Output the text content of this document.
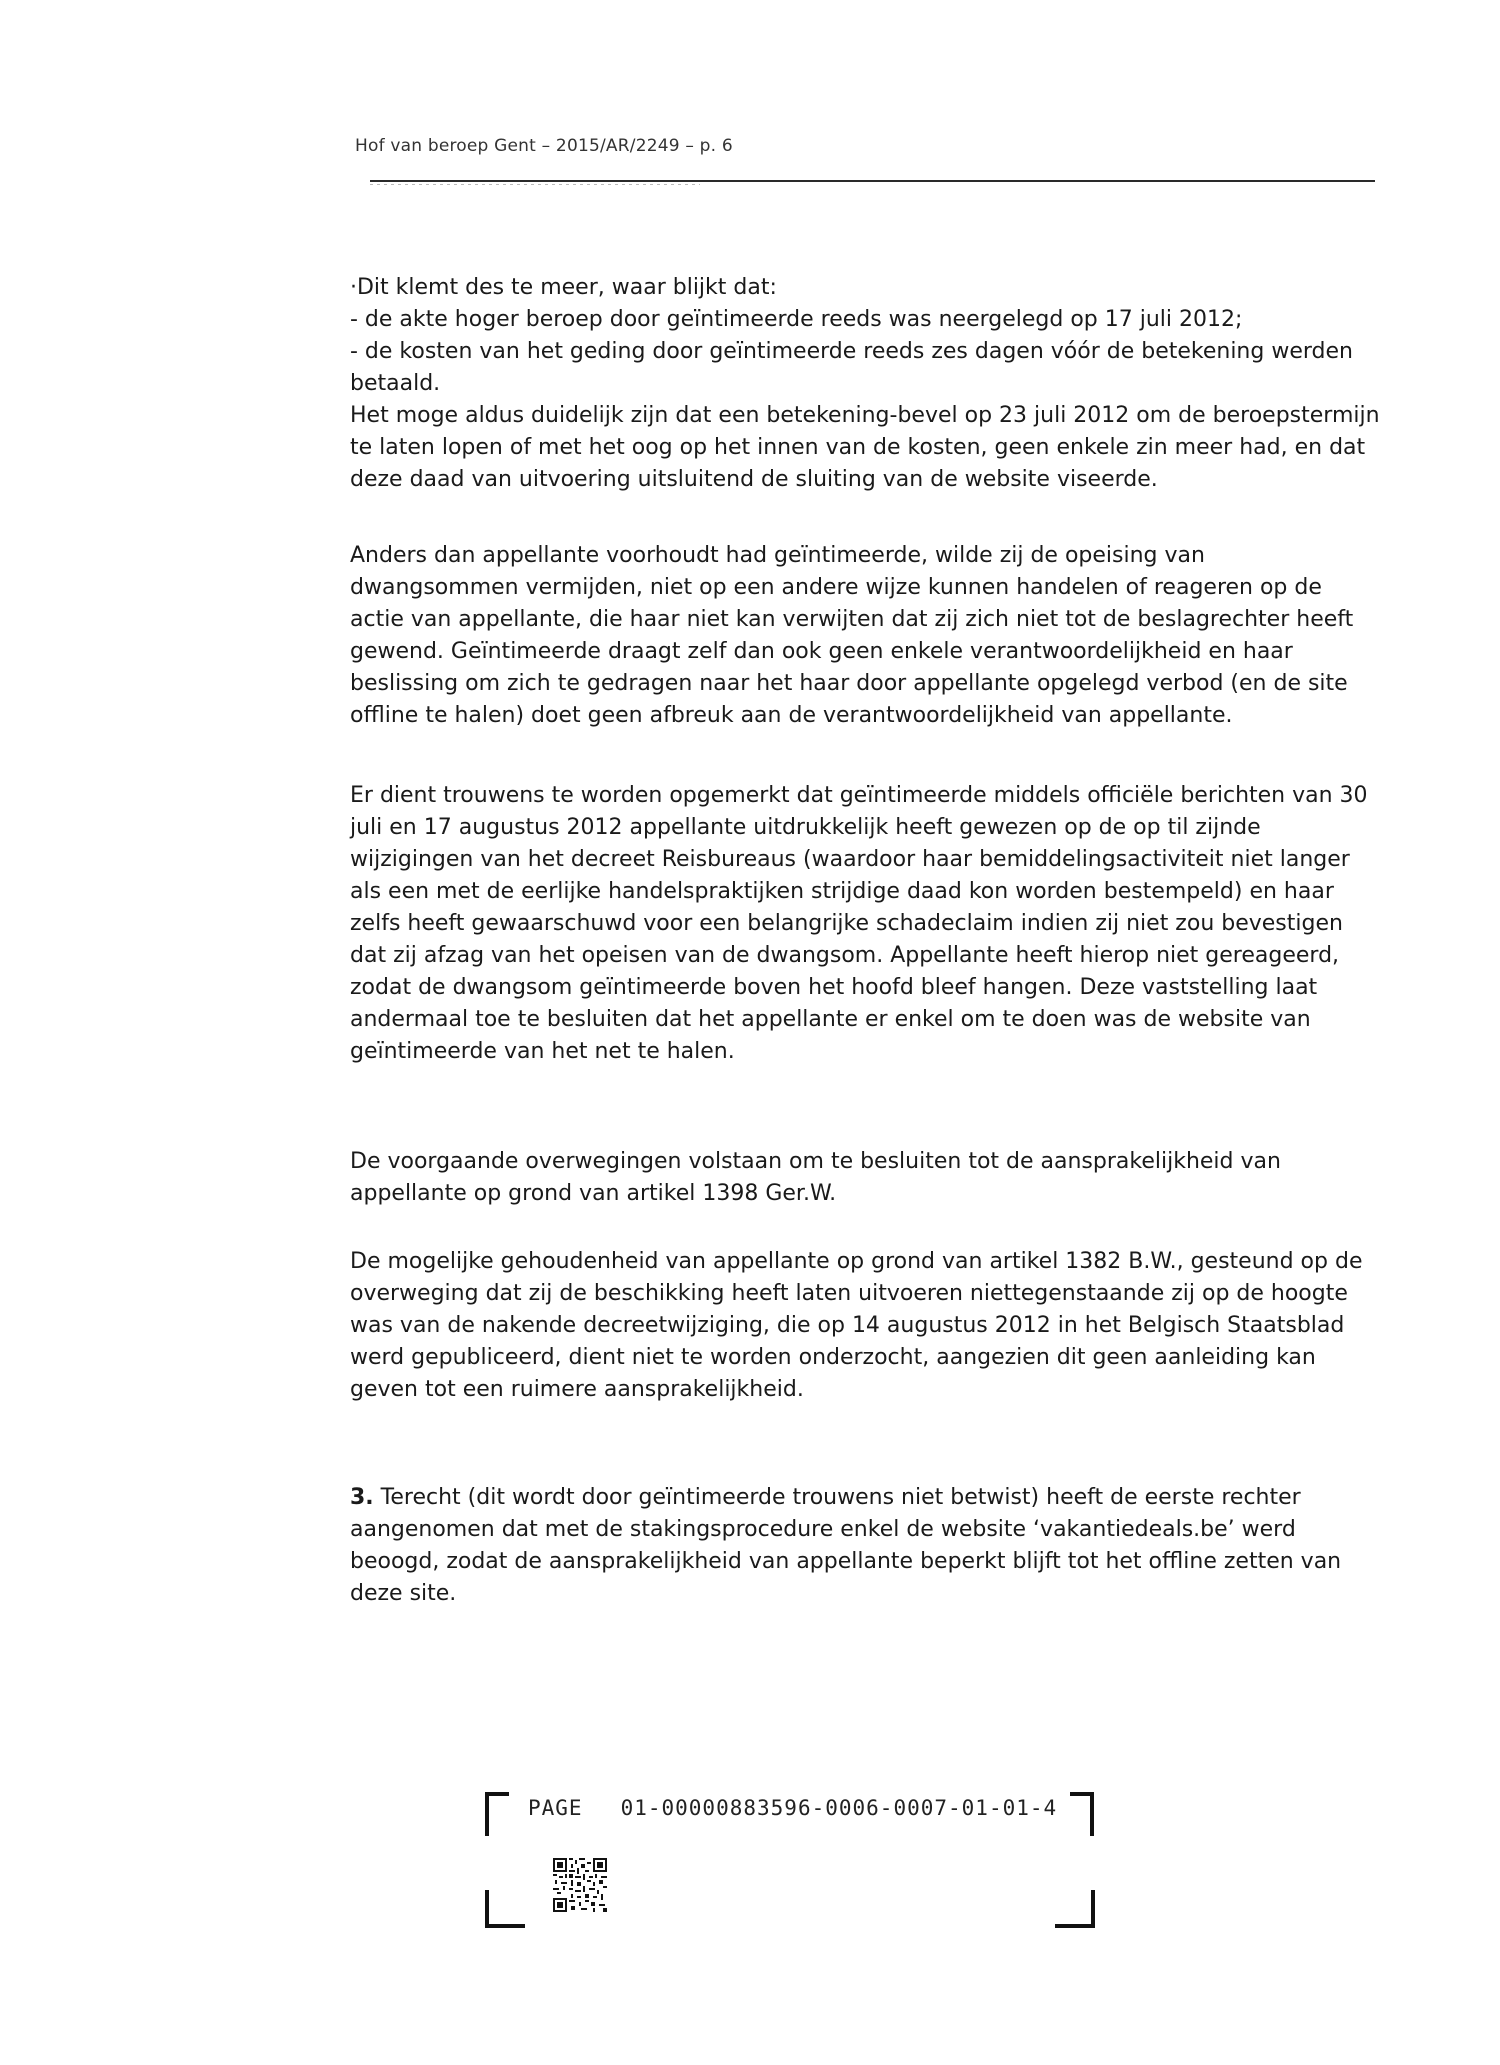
Hof van beroep Gent – 2015/AR/2249 – p. 6
·Dit klemt des te meer, waar blijkt dat:
- de akte hoger beroep door geïntimeerde reeds was neergelegd op 17 juli 2012;
- de kosten van het geding door geïntimeerde reeds zes dagen vóór de betekening werden
betaald.
Het moge aldus duidelijk zijn dat een betekening-bevel op 23 juli 2012 om de beroepstermijn
te laten lopen of met het oog op het innen van de kosten, geen enkele zin meer had, en dat
deze daad van uitvoering uitsluitend de sluiting van de website viseerde.
Anders dan appellante voorhoudt had geïntimeerde, wilde zij de opeising van
dwangsommen vermijden, niet op een andere wijze kunnen handelen of reageren op de
actie van appellante, die haar niet kan verwijten dat zij zich niet tot de beslagrechter heeft
gewend. Geïntimeerde draagt zelf dan ook geen enkele verantwoordelijkheid en haar
beslissing om zich te gedragen naar het haar door appellante opgelegd verbod (en de site
offline te halen) doet geen afbreuk aan de verantwoordelijkheid van appellante.
Er dient trouwens te worden opgemerkt dat geïntimeerde middels officiële berichten van 30
juli en 17 augustus 2012 appellante uitdrukkelijk heeft gewezen op de op til zijnde
wijzigingen van het decreet Reisbureaus (waardoor haar bemiddelingsactiviteit niet langer
als een met de eerlijke handelspraktijken strijdige daad kon worden bestempeld) en haar
zelfs heeft gewaarschuwd voor een belangrijke schadeclaim indien zij niet zou bevestigen
dat zij afzag van het opeisen van de dwangsom. Appellante heeft hierop niet gereageerd,
zodat de dwangsom geïntimeerde boven het hoofd bleef hangen. Deze vaststelling laat
andermaal toe te besluiten dat het appellante er enkel om te doen was de website van
geïntimeerde van het net te halen.
De voorgaande overwegingen volstaan om te besluiten tot de aansprakelijkheid van
appellante op grond van artikel 1398 Ger.W.
De mogelijke gehoudenheid van appellante op grond van artikel 1382 B.W., gesteund op de
overweging dat zij de beschikking heeft laten uitvoeren niettegenstaande zij op de hoogte
was van de nakende decreetwijziging, die op 14 augustus 2012 in het Belgisch Staatsblad
werd gepubliceerd, dient niet te worden onderzocht, aangezien dit geen aanleiding kan
geven tot een ruimere aansprakelijkheid.
3. Terecht (dit wordt door geïntimeerde trouwens niet betwist) heeft de eerste rechter
aangenomen dat met de stakingsprocedure enkel de website ‘vakantiedeals.be’ werd
beoogd, zodat de aansprakelijkheid van appellante beperkt blijft tot het offline zetten van
deze site.
PAGE 01-00000883596-0006-0007-01-01-4
